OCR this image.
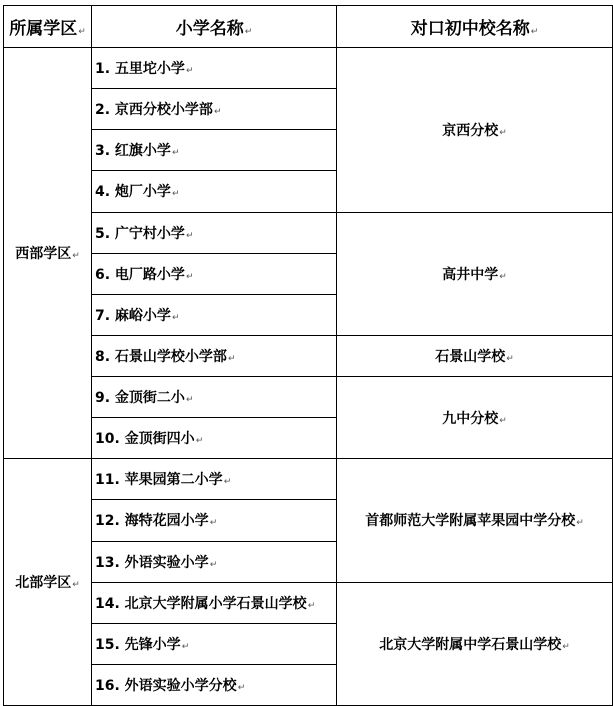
所属学区↵	小学名称↵	对口初中校名称↵
西部学区↵	1. 五里坨小学↵	京西分校↵
	2. 京西分校小学部↵	
	3. 红旗小学↵	
	4. 炮厂小学↵	
	5. 广宁村小学↵	高井中学↵
	6. 电厂路小学↵	
	7. 麻峪小学↵	
	8. 石景山学校小学部↵	石景山学校↵
	9. 金顶街二小↵	九中分校↵
	10. 金顶街四小↵	
北部学区↵	11. 苹果园第二小学↵	首都师范大学附属苹果园中学分校↵
	12. 海特花园小学↵	
	13. 外语实验小学↵	
	14. 北京大学附属小学石景山学校↵	北京大学附属中学石景山学校↵
	15. 先锋小学↵	
	16. 外语实验小学分校↵	
